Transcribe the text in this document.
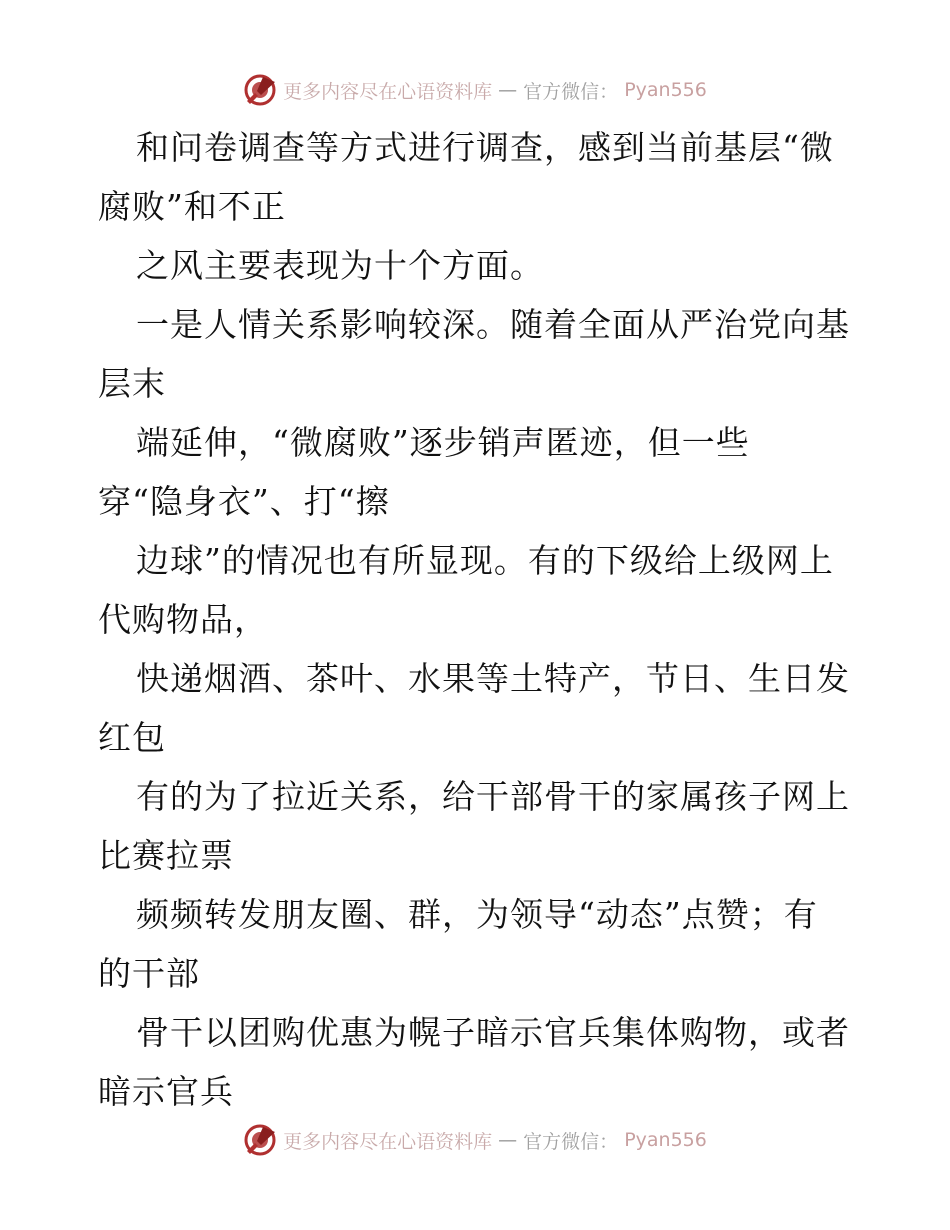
更多内容尽在心语资料库 — 官方微信： Pyan556
和问卷调查等方式进行调查，感到当前基层“微
腐败”和不正
之风主要表现为十个方面。
一是人情关系影响较深。随着全面从严治党向基
层末
端延伸，“微腐败”逐步销声匿迹，但一些
穿“隐身衣”、打“擦
边球”的情况也有所显现。有的下级给上级网上
代购物品，
快递烟酒、茶叶、水果等土特产，节日、生日发
红包
有的为了拉近关系，给干部骨干的家属孩子网上
比赛拉票
频频转发朋友圈、群，为领导“动态”点赞；有
的干部
骨干以团购优惠为幌子暗示官兵集体购物，或者
暗示官兵
更多内容尽在心语资料库 — 官方微信： Pyan556
